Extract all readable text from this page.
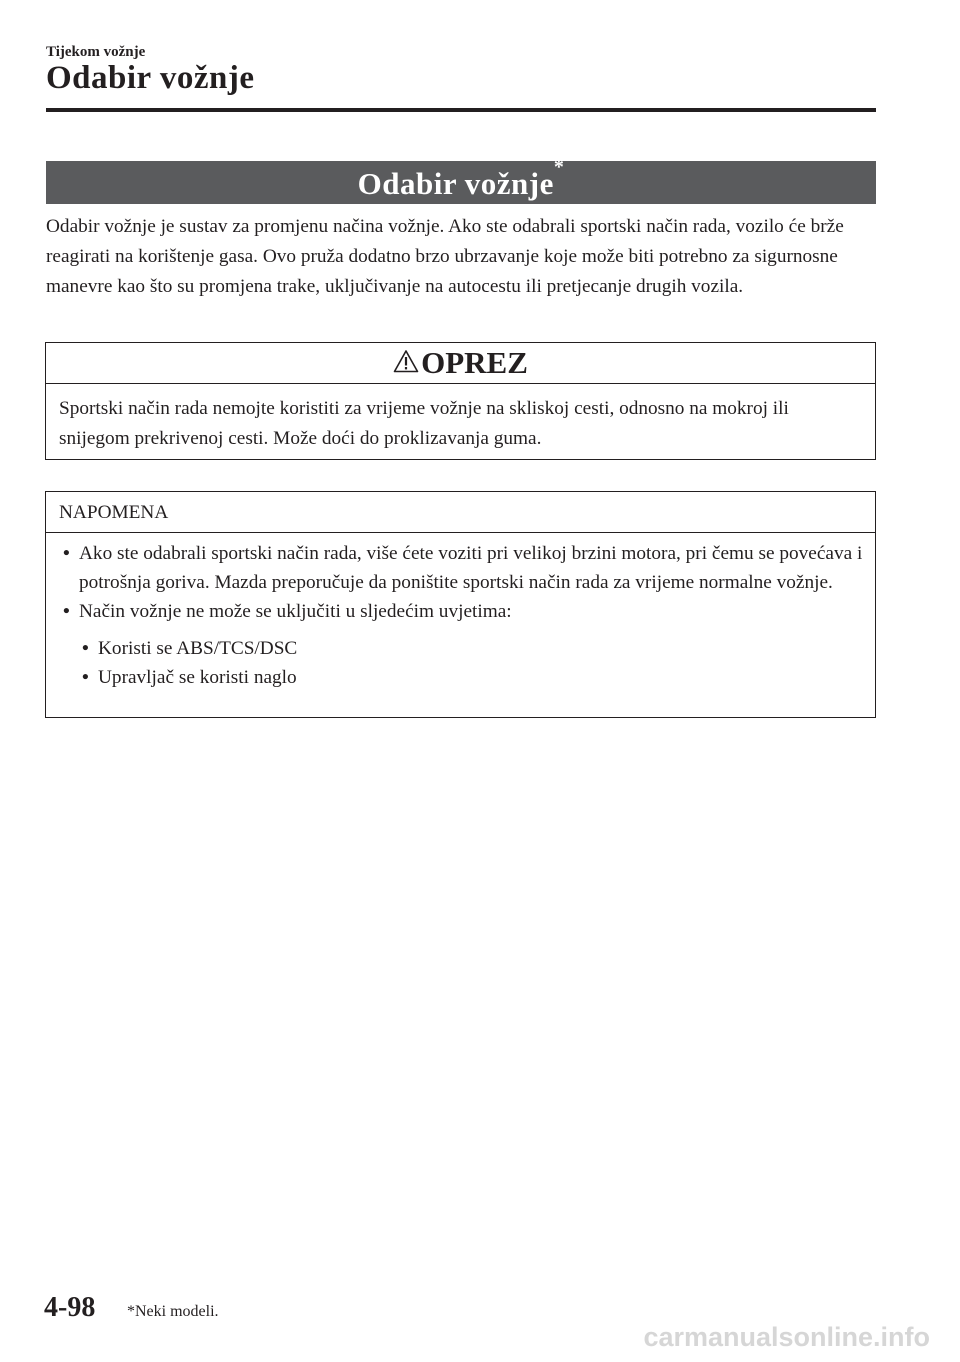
Tijekom vožnje
Odabir vožnje
Odabir vožnje*

Odabir vožnje je sustav za promjenu načina vožnje. Ako ste odabrali sportski način rada, vozilo će brže reagirati na korištenje gasa. Ovo pruža dodatno brzo ubrzavanje koje može biti potrebno za sigurnosne manevre kao što su promjena trake, uključivanje na autocestu ili pretjecanje drugih vozila.

OPREZ
Sportski način rada nemojte koristiti za vrijeme vožnje na skliskoj cesti, odnosno na mokroj ili snijegom prekrivenoj cesti. Može doći do proklizavanja guma.
NAPOMENA
• Ako ste odabrali sportski način rada, više ćete voziti pri velikoj brzini motora, pri čemu se povećava i potrošnja goriva. Mazda preporučuje da poništite sportski način rada za vrijeme normalne vožnje.
• Način vožnje ne može se uključiti u sljedećim uvjetima:
• Koristi se ABS/TCS/DSC
• Upravljač se koristi naglo
4-98 *Neki modeli.
carmanualsonline.info
